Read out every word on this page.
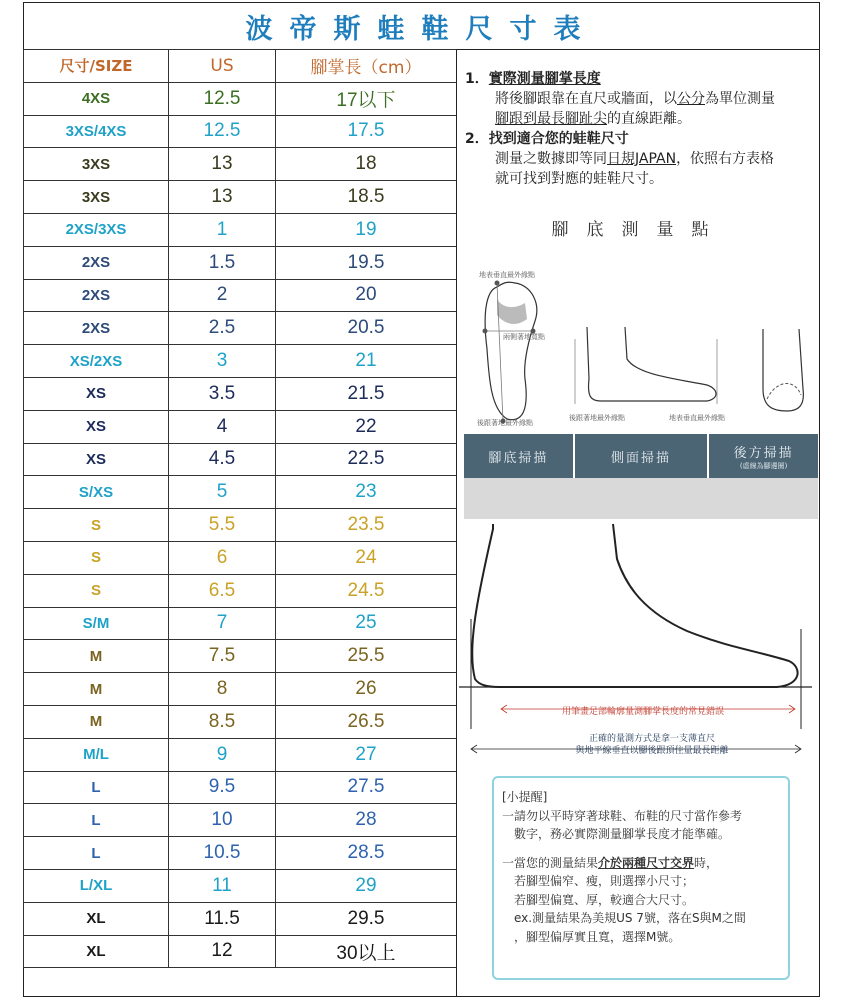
波帝斯蛙鞋尺寸表
尺寸/SIZE	US	腳掌長（cm）
4XS	12.5	17以下
3XS/4XS	12.5	17.5
3XS	13	18
3XS	13	18.5
2XS/3XS	1	19
2XS	1.5	19.5
2XS	2	20
2XS	2.5	20.5
XS/2XS	3	21
XS	3.5	21.5
XS	4	22
XS	4.5	22.5
S/XS	5	23
S	5.5	23.5
S	6	24
S	6.5	24.5
S/M	7	25
M	7.5	25.5
M	8	26
M	8.5	26.5
M/L	9	27
L	9.5	27.5
L	10	28
L	10.5	28.5
L/XL	11	29
XL	11.5	29.5
XL	12	30以上
1．實際測量腳掌長度
將後腳跟靠在直尺或牆面，以公分為單位測量
腳跟到最長腳趾尖的直線距離。
2．找到適合您的蛙鞋尺寸
測量之數據即等同日規JAPAN，依照右方表格
就可找到對應的蛙鞋尺寸。
腳底測量點
地表垂直最外緣點
兩側著地寬點
後跟著地最外緣點
後跟著地最外緣點	地表垂直最外緣點
腳底掃描	側面掃描	後方掃描
(虛線為腳邊圈)
用筆畫足部輪廓量測腳掌長度的常見錯誤
正確的量測方式是拿一支薄直尺
與地平線垂直以腳後跟頂住量最長距離
[小提醒]
一請勿以平時穿著球鞋、布鞋的尺寸當作參考
數字，務必實際測量腳掌長度才能準確。
一當您的測量結果介於兩種尺寸交界時，
若腳型偏窄、瘦，則選擇小尺寸；
若腳型偏寬、厚，較適合大尺寸。
ex.測量結果為美規US 7號，落在S與M之間
，腳型偏厚實且寬，選擇M號。
